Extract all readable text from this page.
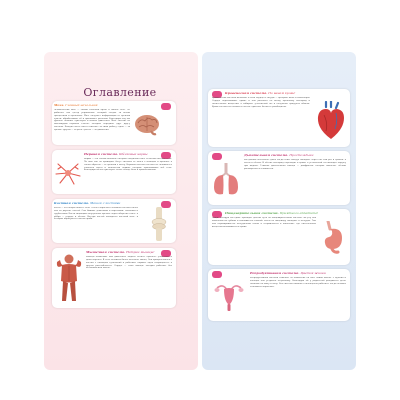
Оглавление
Мозг. Главный начальник
Человеческий мозг — самый сложный орган в нашем теле. Он работает как центр управления, который следит за всеми процессами в организме. Мозг получает информацию от органов чувств, обрабатывает её и принимает решения. Благодаря ему мы думаем, помним, чувствуем и можем двигаться. Мозг состоит из миллиардов нервных клеток, которые передают друг другу сигналы. Каждая часть мозга отвечает за свою работу: одна — за зрение, другая — за речь, третья — за движения.
Нервная система. Шёлковые нервы
Нервы — это тонкие волокна, которые соединяют мозг со всеми частями тела. По ним, как по проводам, бегут сигналы от мозга к мышцам и органам, а также обратно — от органов к мозгу. Нервная система состоит из головного и спинного мозга и множества нервов, которые пронизывают всё тело. Благодаря ей мы чувствуем тепло, холод, боль и прикосновения.
Костная система. Мешок с костями
Кости — это опора нашего тела. Скелет взрослого человека состоит более чем из двухсот костей. Они бывают длинными и короткими, плоскими и трубчатыми. Кости защищают внутренние органы: череп оберегает мозг, а рёбра — сердце и лёгкие. Внутри костей находится костный мозг, в котором образуются клетки крови.
Мышечная система. Натрии мышцы!
Мышцы позволяют нам двигаться: ходить, бегать, прыгать, улыбаться и даже моргать. В теле человека более шестисот мышц. Они прикрепляются к костям с помощью сухожилий и работают парами: одна сокращается, а другая расслабляется. Сердце — тоже мышца, которая работает без остановки всю жизнь.
Кровеносная система. По венам кровь!
Кровеносная система включает в себя сердце и сосуды — артерии, вены и капилляры. Сердце перекачивает кровь, и она разносит по всему организму кислород и питательные вещества, а забирает углекислый газ и ненужные продукты обмена. Кровь состоит из плазмы и клеток: красных, белых и тромбоцитов.
Дыхательная система. Просто вдыхи
Мы дышим постоянно, даже когда спим. Воздух попадает через нос или рот в трахею, а затем в лёгкие. В лёгких кислород переходит в кровь, а углекислый газ выходит наружу при выдохе. Главная дыхательная мышца — диафрагма, которая помогает лёгким расширяться и сжиматься.
Пищеварительная система. Приятного аппетита!
Пища, которую мы едим, проходит долгий путь по пищеварительной системе. Во рту она измельчается зубами и смачивается слюной, затем по пищеводу попадает в желудок. Там она переваривается желудочным соком и отправляется в кишечник, где питательные вещества всасываются в кровь.
Репродуктивная система. Цветок жизни
Репродуктивная система отвечает за появление на свет новой жизни. У мужчин и женщин она устроена по-разному. Благодаря ей у родителей рождаются дети, похожие на маму и папу. Эта система начинает полноценно работать, когда человек становится взрослым.
